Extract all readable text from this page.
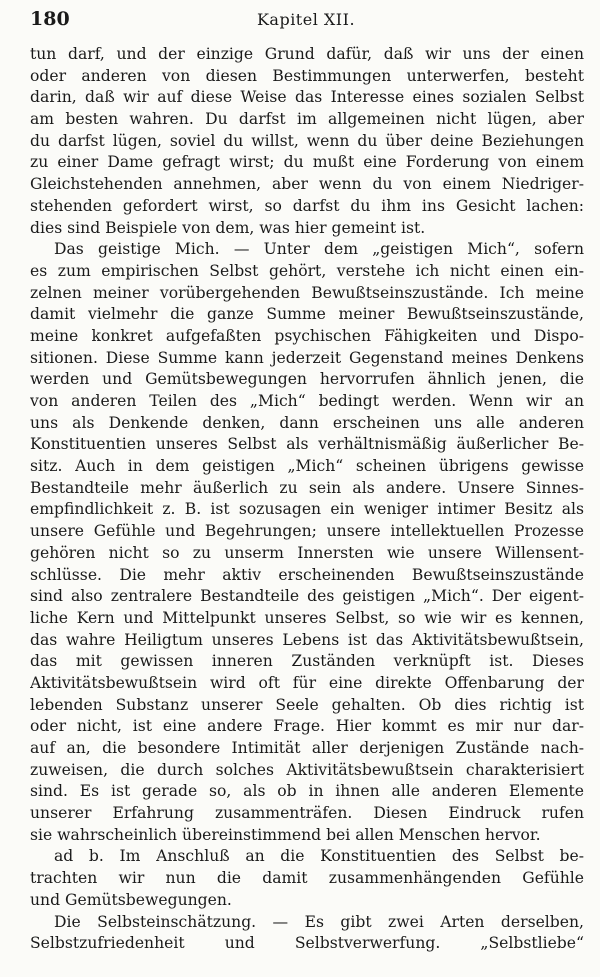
180	Kapitel XII.
tun darf, und der einzige Grund dafür, daß wir uns der einen
oder anderen von diesen Bestimmungen unterwerfen, besteht
darin, daß wir auf diese Weise das Interesse eines sozialen Selbst
am besten wahren. Du darfst im allgemeinen nicht lügen, aber
du darfst lügen, soviel du willst, wenn du über deine Beziehungen
zu einer Dame gefragt wirst; du mußt eine Forderung von einem
Gleichstehenden annehmen, aber wenn du von einem Niedriger-
stehenden gefordert wirst, so darfst du ihm ins Gesicht lachen:
dies sind Beispiele von dem, was hier gemeint ist.
Das geistige Mich. — Unter dem „geistigen Mich“, sofern
es zum empirischen Selbst gehört, verstehe ich nicht einen ein-
zelnen meiner vorübergehenden Bewußtseinszustände. Ich meine
damit vielmehr die ganze Summe meiner Bewußtseinszustände,
meine konkret aufgefaßten psychischen Fähigkeiten und Dispo-
sitionen. Diese Summe kann jederzeit Gegenstand meines Denkens
werden und Gemütsbewegungen hervorrufen ähnlich jenen, die
von anderen Teilen des „Mich“ bedingt werden. Wenn wir an
uns als Denkende denken, dann erscheinen uns alle anderen
Konstituentien unseres Selbst als verhältnismäßig äußerlicher Be-
sitz. Auch in dem geistigen „Mich“ scheinen übrigens gewisse
Bestandteile mehr äußerlich zu sein als andere. Unsere Sinnes-
empfindlichkeit z. B. ist sozusagen ein weniger intimer Besitz als
unsere Gefühle und Begehrungen; unsere intellektuellen Prozesse
gehören nicht so zu unserm Innersten wie unsere Willensent-
schlüsse. Die mehr aktiv erscheinenden Bewußtseinszustände
sind also zentralere Bestandteile des geistigen „Mich“. Der eigent-
liche Kern und Mittelpunkt unseres Selbst, so wie wir es kennen,
das wahre Heiligtum unseres Lebens ist das Aktivitätsbewußtsein,
das mit gewissen inneren Zuständen verknüpft ist. Dieses
Aktivitätsbewußtsein wird oft für eine direkte Offenbarung der
lebenden Substanz unserer Seele gehalten. Ob dies richtig ist
oder nicht, ist eine andere Frage. Hier kommt es mir nur dar-
auf an, die besondere Intimität aller derjenigen Zustände nach-
zuweisen, die durch solches Aktivitätsbewußtsein charakterisiert
sind. Es ist gerade so, als ob in ihnen alle anderen Elemente
unserer Erfahrung zusammenträfen. Diesen Eindruck rufen
sie wahrscheinlich übereinstimmend bei allen Menschen hervor.
ad b. Im Anschluß an die Konstituentien des Selbst be-
trachten wir nun die damit zusammenhängenden Gefühle
und Gemütsbewegungen.
Die Selbsteinschätzung. — Es gibt zwei Arten derselben,
Selbstzufriedenheit und Selbstverwerfung. „Selbstliebe“
